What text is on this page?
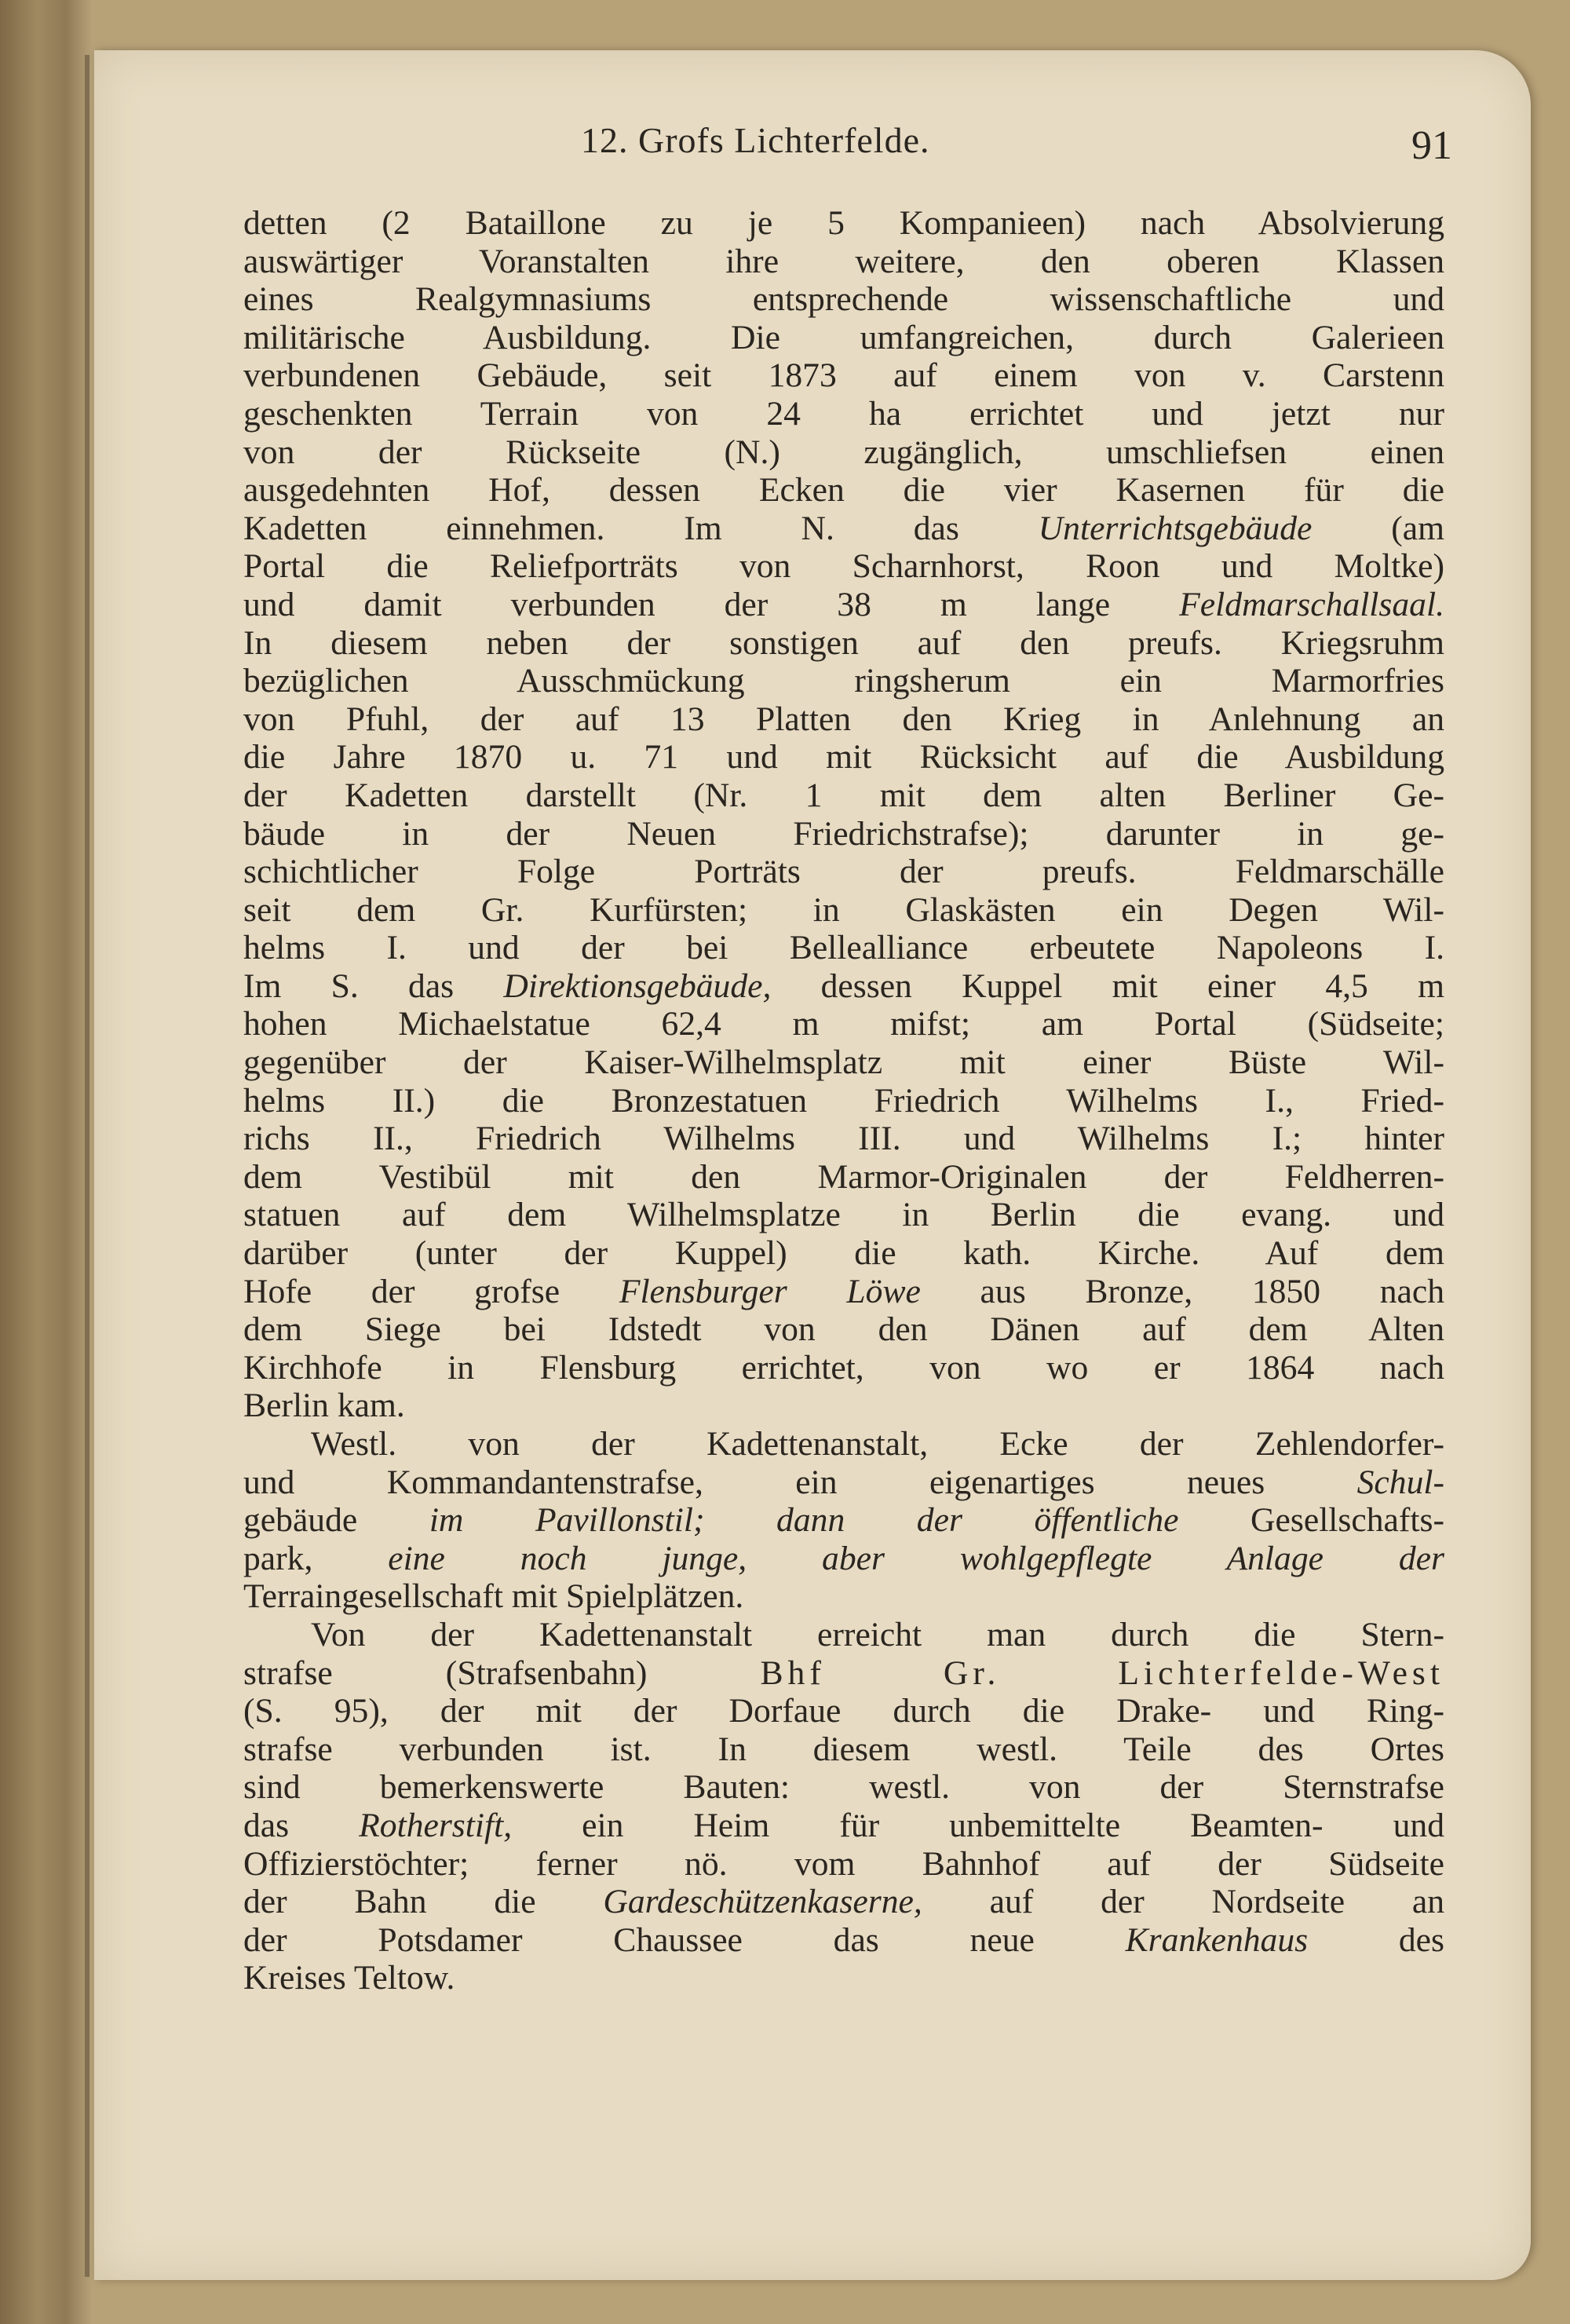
12. Grofs Lichterfelde.	91

detten (2 Bataillone zu je 5 Kompanieen) nach Absolvierung
auswärtiger Voranstalten ihre weitere, den oberen Klassen
eines Realgymnasiums entsprechende wissenschaftliche und
militärische Ausbildung. Die umfangreichen, durch Galerieen
verbundenen Gebäude, seit 1873 auf einem von v. Carstenn
geschenkten Terrain von 24 ha errichtet und jetzt nur
von der Rückseite (N.) zugänglich, umschliefsen einen
ausgedehnten Hof, dessen Ecken die vier Kasernen für die
Kadetten einnehmen. Im N. das Unterrichtsgebäude (am
Portal die Reliefporträts von Scharnhorst, Roon und Moltke)
und damit verbunden der 38 m lange Feldmarschallsaal.
In diesem neben der sonstigen auf den preufs. Kriegsruhm
bezüglichen Ausschmückung ringsherum ein Marmorfries
von Pfuhl, der auf 13 Platten den Krieg in Anlehnung an
die Jahre 1870 u. 71 und mit Rücksicht auf die Ausbildung
der Kadetten darstellt (Nr. 1 mit dem alten Berliner Ge-
bäude in der Neuen Friedrichstrafse); darunter in ge-
schichtlicher Folge Porträts der preufs. Feldmarschälle
seit dem Gr. Kurfürsten; in Glaskästen ein Degen Wil-
helms I. und der bei Bellealliance erbeutete Napoleons I.
Im S. das Direktionsgebäude, dessen Kuppel mit einer 4,5 m
hohen Michaelstatue 62,4 m mifst; am Portal (Südseite;
gegenüber der Kaiser-Wilhelmsplatz mit einer Büste Wil-
helms II.) die Bronzestatuen Friedrich Wilhelms I., Fried-
richs II., Friedrich Wilhelms III. und Wilhelms I.; hinter
dem Vestibül mit den Marmor-Originalen der Feldherren-
statuen auf dem Wilhelmsplatze in Berlin die evang. und
darüber (unter der Kuppel) die kath. Kirche. Auf dem
Hofe der grofse Flensburger Löwe aus Bronze, 1850 nach
dem Siege bei Idstedt von den Dänen auf dem Alten
Kirchhofe in Flensburg errichtet, von wo er 1864 nach
Berlin kam.

Westl. von der Kadettenanstalt, Ecke der Zehlendorfer-
und Kommandantenstrafse, ein eigenartiges neues Schul-
gebäude im Pavillonstil; dann der öffentliche Gesellschafts-
park, eine noch junge, aber wohlgepflegte Anlage der
Terraingesellschaft mit Spielplätzen.

Von der Kadettenanstalt erreicht man durch die Stern-
strafse (Strafsenbahn) Bhf Gr. Lichterfelde-West
(S. 95), der mit der Dorfaue durch die Drake- und Ring-
strafse verbunden ist. In diesem westl. Teile des Ortes
sind bemerkenswerte Bauten: westl. von der Sternstrafse
das Rotherstift, ein Heim für unbemittelte Beamten- und
Offizierstöchter; ferner nö. vom Bahnhof auf der Südseite
der Bahn die Gardeschützenkaserne, auf der Nordseite an
der Potsdamer Chaussee das neue Krankenhaus des
Kreises Teltow.
